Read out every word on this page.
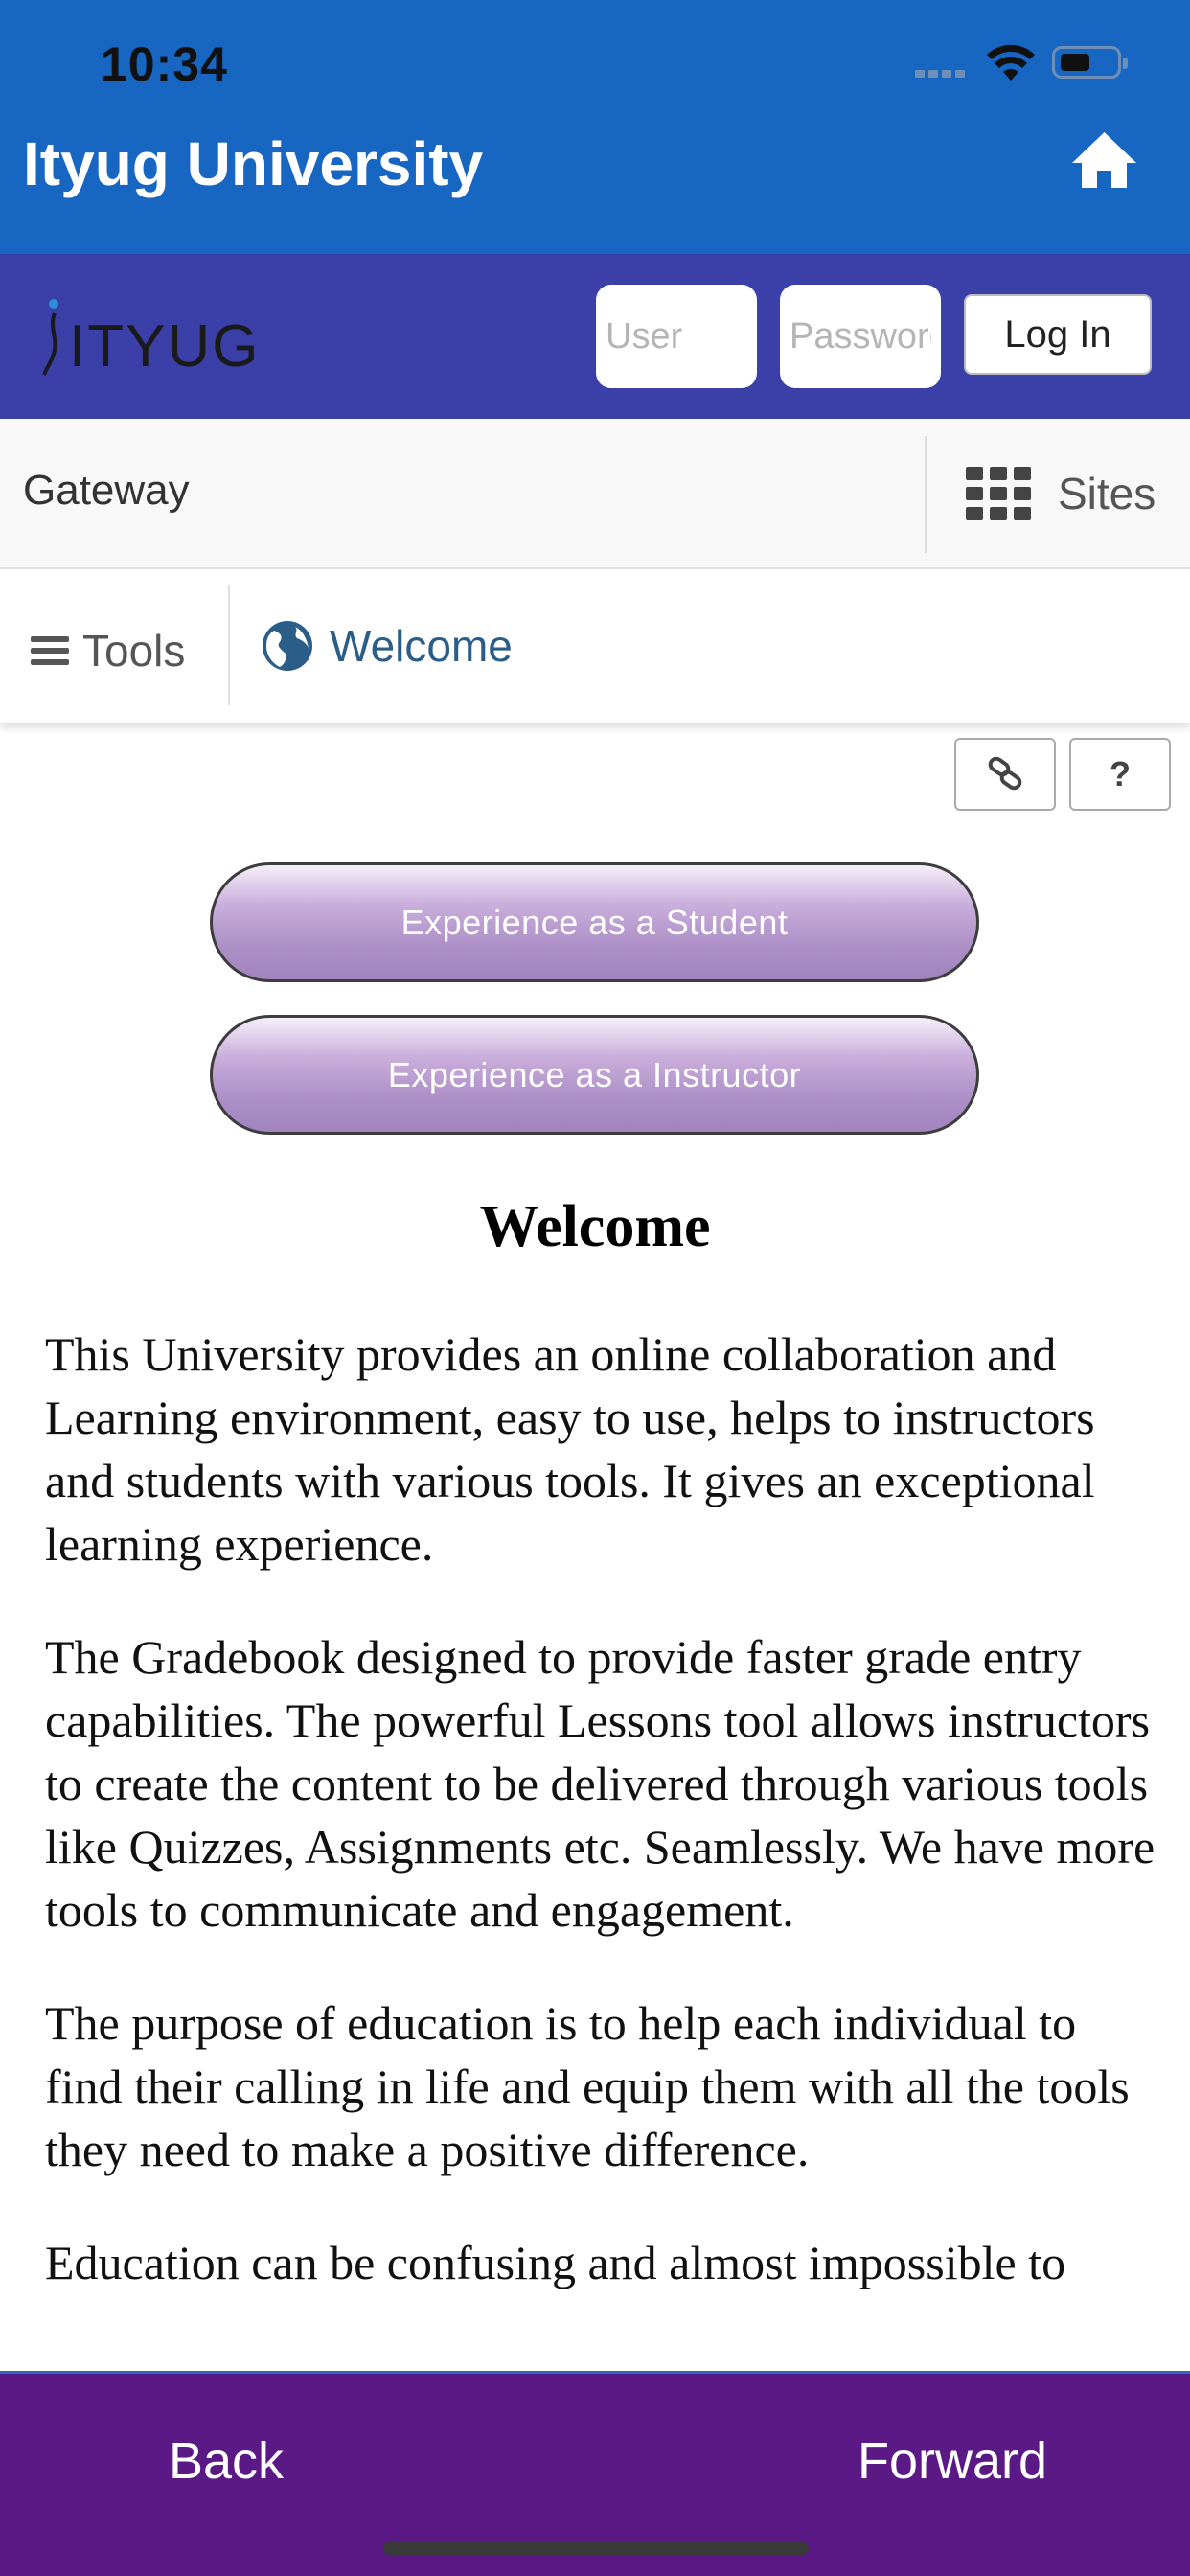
10:34
Ityug University
ITYUG
User	Log In
Gateway	Sites
Tools	Welcome
?
Experience as a Student
Experience as a Instructor
Welcome

This University provides an online collaboration and Learning environment, easy to use, helps to instructors and students with various tools. It gives an exceptional learning experience.

The Gradebook designed to provide faster grade entry capabilities. The powerful Lessons tool allows instructors to create the content to be delivered through various tools like Quizzes, Assignments etc. Seamlessly. We have more tools to communicate and engagement.

The purpose of education is to help each individual to find their calling in life and equip them with all the tools they need to make a positive difference.

Education can be confusing and almost impossible to

Back	Forward
